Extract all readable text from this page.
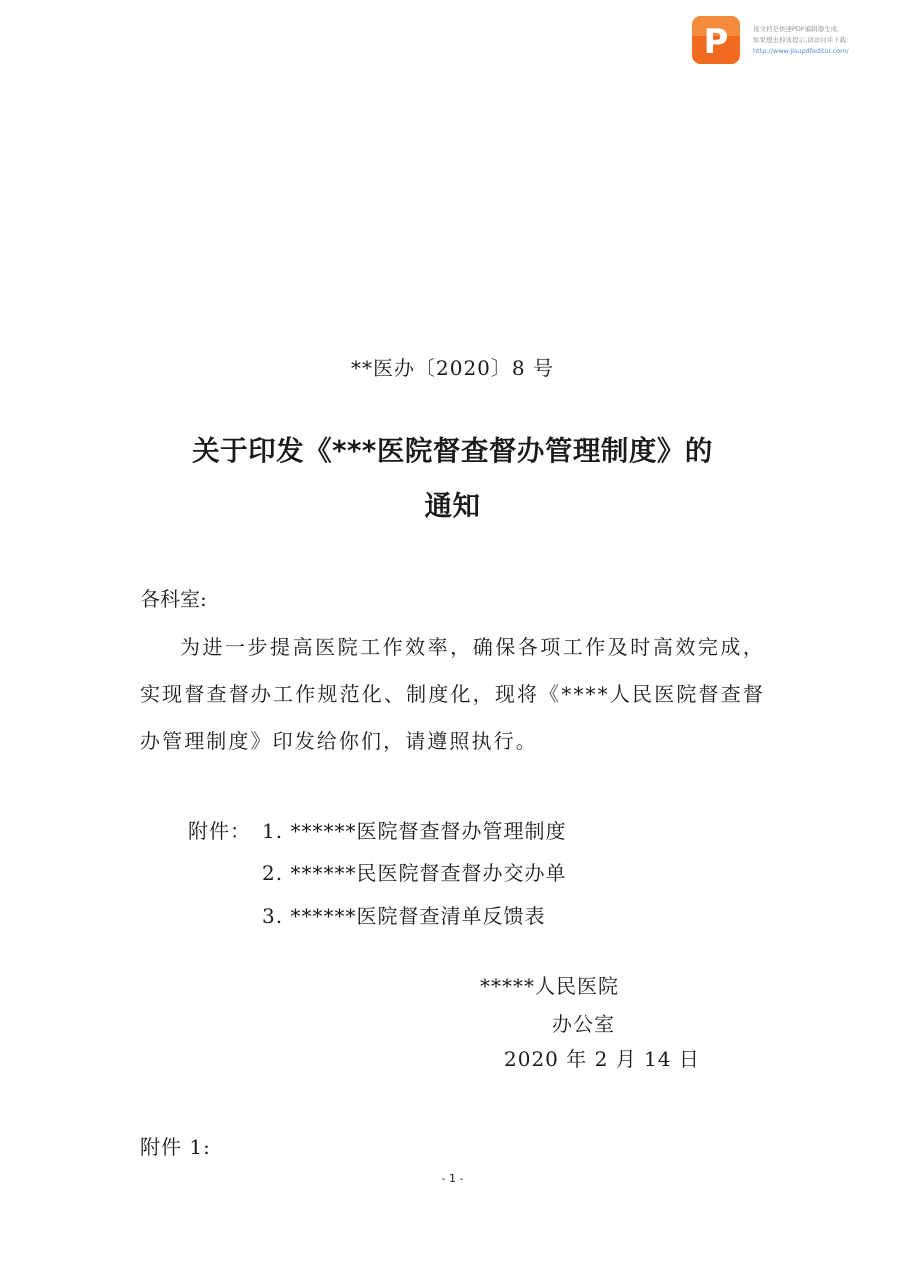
P	该文档是极速PDF编辑器生成,
如果想去掉该提示,请访问并下载:
http://www.jisupdfeditor.com/
**医办〔2020〕8 号
关于印发《***医院督查督办管理制度》的
通知
各科室:
为进一步提高医院工作效率，确保各项工作及时高效完成，实现督查督办工作规范化、制度化，现将《****人民医院督查督办管理制度》印发给你们，请遵照执行。
附件： 1. ******医院督查督办管理制度
2. ******民医院督查督办交办单
3. ******医院督查清单反馈表
*****人民医院
办公室
2020 年 2 月 14 日
附件 1:
- 1 -
